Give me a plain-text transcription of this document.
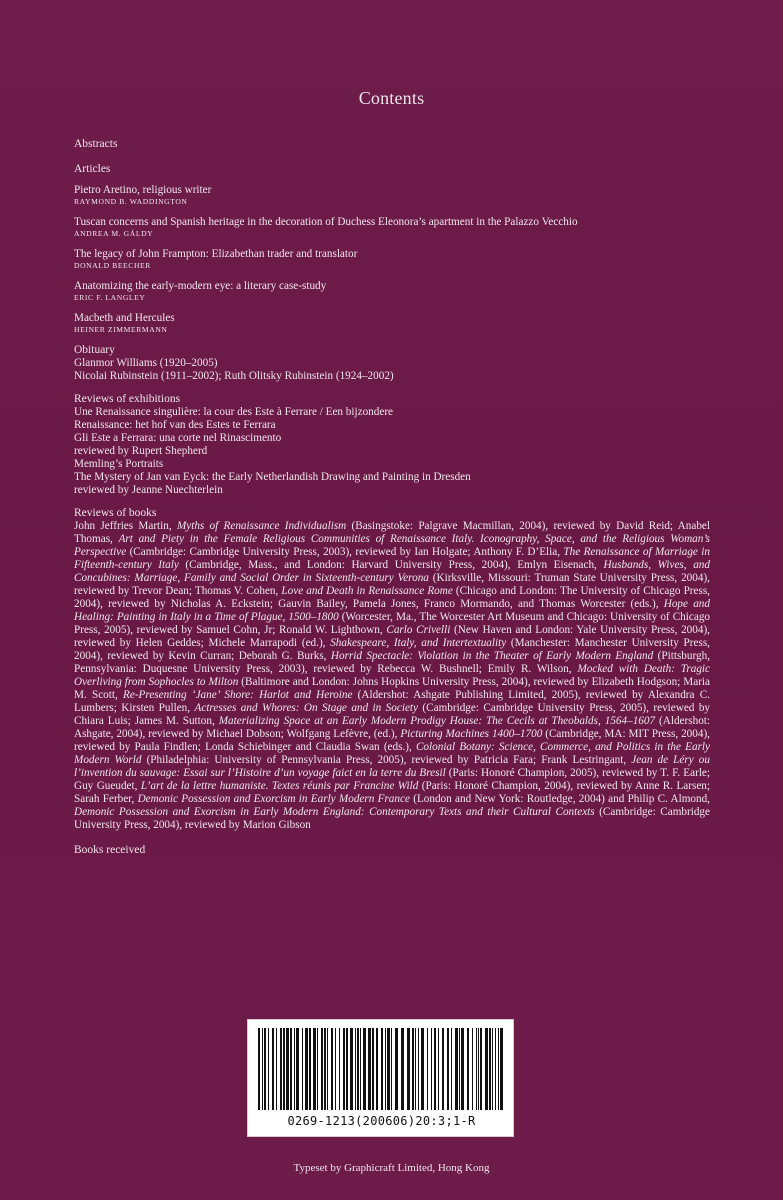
Contents
Abstracts
Articles
Pietro Aretino, religious writer
RAYMOND B. WADDINGTON
Tuscan concerns and Spanish heritage in the decoration of Duchess Eleonora’s apartment in the Palazzo Vecchio
ANDREA M. GÁLDY
The legacy of John Frampton: Elizabethan trader and translator
DONALD BEECHER
Anatomizing the early-modern eye: a literary case-study
ERIC F. LANGLEY
Macbeth and Hercules
HEINER ZIMMERMANN
Obituary
Glanmor Williams (1920–2005)
Nicolai Rubinstein (1911–2002); Ruth Olitsky Rubinstein (1924–2002)
Reviews of exhibitions
Une Renaissance singulière: la cour des Este à Ferrare / Een bijzondere
Renaissance: het hof van des Estes te Ferrara
Gli Este a Ferrara: una corte nel Rinascimento
reviewed by Rupert Shepherd
Memling’s Portraits
The Mystery of Jan van Eyck: the Early Netherlandish Drawing and Painting in Dresden
reviewed by Jeanne Nuechterlein
Reviews of books
John Jeffries Martin, Myths of Renaissance Individualism (Basingstoke: Palgrave Macmillan, 2004), reviewed by David Reid; Anabel Thomas, Art and Piety in the Female Religious Communities of Renaissance Italy. Iconography, Space, and the Religious Woman’s Perspective (Cambridge: Cambridge University Press, 2003), reviewed by Ian Holgate; Anthony F. D’Elia, The Renaissance of Marriage in Fifteenth-century Italy (Cambridge, Mass., and London: Harvard University Press, 2004), Emlyn Eisenach, Husbands, Wives, and Concubines: Marriage, Family and Social Order in Sixteenth-century Verona (Kirksville, Missouri: Truman State University Press, 2004), reviewed by Trevor Dean; Thomas V. Cohen, Love and Death in Renaissance Rome (Chicago and London: The University of Chicago Press, 2004), reviewed by Nicholas A. Eckstein; Gauvin Bailey, Pamela Jones, Franco Mormando, and Thomas Worcester (eds.), Hope and Healing: Painting in Italy in a Time of Plague, 1500–1800 (Worcester, Ma., The Worcester Art Museum and Chicago: University of Chicago Press, 2005), reviewed by Samuel Cohn, Jr; Ronald W. Lightbown, Carlo Crivelli (New Haven and London: Yale University Press, 2004), reviewed by Helen Geddes; Michele Marrapodi (ed.), Shakespeare, Italy, and Intertextuality (Manchester: Manchester University Press, 2004), reviewed by Kevin Curran; Deborah G. Burks, Horrid Spectacle: Violation in the Theater of Early Modern England (Pittsburgh, Pennsylvania: Duquesne University Press, 2003), reviewed by Rebecca W. Bushnell; Emily R. Wilson, Mocked with Death: Tragic Overliving from Sophocles to Milton (Baltimore and London: Johns Hopkins University Press, 2004), reviewed by Elizabeth Hodgson; Maria M. Scott, Re-Presenting ‘Jane’ Shore: Harlot and Heroine (Aldershot: Ashgate Publishing Limited, 2005), reviewed by Alexandra C. Lumbers; Kirsten Pullen, Actresses and Whores: On Stage and in Society (Cambridge: Cambridge University Press, 2005), reviewed by Chiara Luis; James M. Sutton, Materializing Space at an Early Modern Prodigy House: The Cecils at Theobalds, 1564–1607 (Aldershot: Ashgate, 2004), reviewed by Michael Dobson; Wolfgang Lefèvre, (ed.), Picturing Machines 1400–1700 (Cambridge, MA: MIT Press, 2004), reviewed by Paula Findlen; Londa Schiebinger and Claudia Swan (eds.), Colonial Botany: Science, Commerce, and Politics in the Early Modern World (Philadelphia: University of Pennsylvania Press, 2005), reviewed by Patricia Fara; Frank Lestringant, Jean de Léry ou l’invention du sauvage: Essai sur l’Histoire d’un voyage faict en la terre du Bresil (Paris: Honoré Champion, 2005), reviewed by T. F. Earle; Guy Gueudet, L’art de la lettre humaniste. Textes réunis par Francine Wild (Paris: Honoré Champion, 2004), reviewed by Anne R. Larsen; Sarah Ferber, Demonic Possession and Exorcism in Early Modern France (London and New York: Routledge, 2004) and Philip C. Almond, Demonic Possession and Exorcism in Early Modern England: Contemporary Texts and their Cultural Contexts (Cambridge: Cambridge University Press, 2004), reviewed by Marion Gibson
Books received
0269-1213(200606)20:3;1-R
Typeset by Graphicraft Limited, Hong Kong
